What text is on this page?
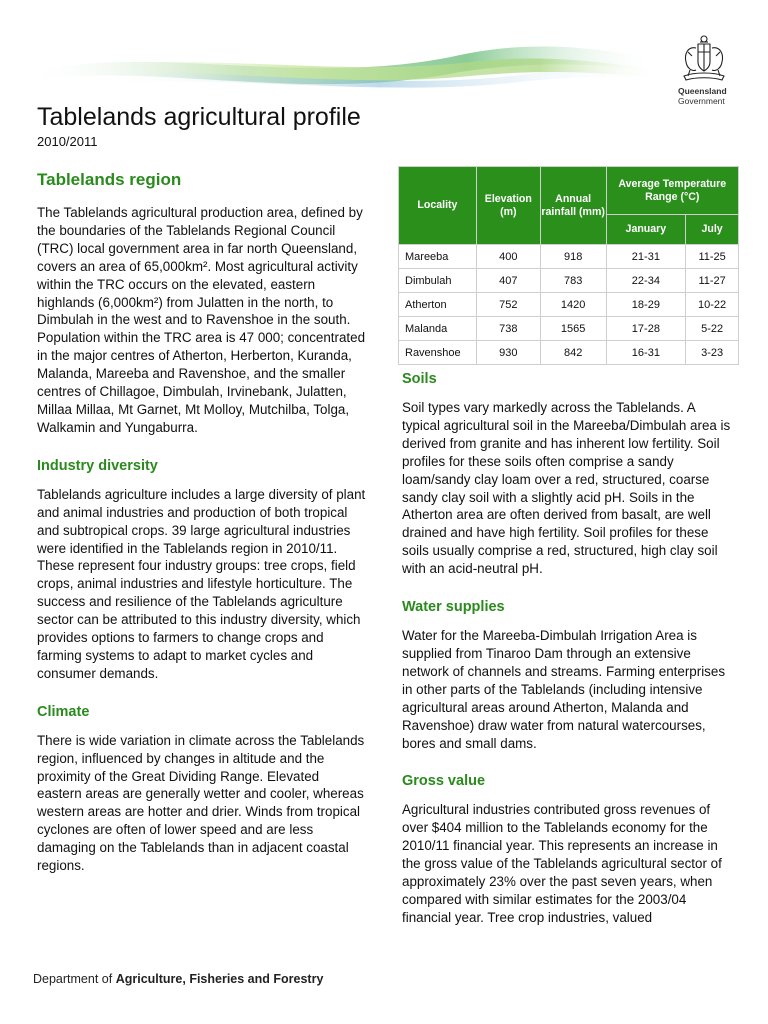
Queensland
Government
Tablelands agricultural profile
2010/2011
Tablelands region

The Tablelands agricultural production area, defined by the boundaries of the Tablelands Regional Council (TRC) local government area in far north Queensland, covers an area of 65,000km². Most agricultural activity within the TRC occurs on the elevated, eastern highlands (6,000km²) from Julatten in the north, to Dimbulah in the west and to Ravenshoe in the south. Population within the TRC area is 47 000; concentrated in the major centres of Atherton, Herberton, Kuranda, Malanda, Mareeba and Ravenshoe, and the smaller centres of Chillagoe, Dimbulah, Irvinebank, Julatten, Millaa Millaa, Mt Garnet, Mt Molloy, Mutchilba, Tolga, Walkamin and Yungaburra.

Industry diversity

Tablelands agriculture includes a large diversity of plant and animal industries and production of both tropical and subtropical crops. 39 large agricultural industries were identified in the Tablelands region in 2010/11. These represent four industry groups: tree crops, field crops, animal industries and lifestyle horticulture. The success and resilience of the Tablelands agriculture sector can be attributed to this industry diversity, which provides options to farmers to change crops and farming systems to adapt to market cycles and consumer demands.

Climate

There is wide variation in climate across the Tablelands region, influenced by changes in altitude and the proximity of the Great Dividing Range. Elevated eastern areas are generally wetter and cooler, whereas western areas are hotter and drier. Winds from tropical cyclones are often of lower speed and are less damaging on the Tablelands than in adjacent coastal regions.

Locality	Elevation (m)	Annual rainfall (mm)	Average Temperature Range (°C)	
			January	July
Mareeba	400	918	21-31	11-25
Dimbulah	407	783	22-34	11-27
Atherton	752	1420	18-29	10-22
Malanda	738	1565	17-28	5-22
Ravenshoe	930	842	16-31	3-23
Soils

Soil types vary markedly across the Tablelands. A typical agricultural soil in the Mareeba/Dimbulah area is derived from granite and has inherent low fertility. Soil profiles for these soils often comprise a sandy loam/sandy clay loam over a red, structured, coarse sandy clay soil with a slightly acid pH. Soils in the Atherton area are often derived from basalt, are well drained and have high fertility. Soil profiles for these soils usually comprise a red, structured, high clay soil with an acid-neutral pH.

Water supplies

Water for the Mareeba-Dimbulah Irrigation Area is supplied from Tinaroo Dam through an extensive network of channels and streams. Farming enterprises in other parts of the Tablelands (including intensive agricultural areas around Atherton, Malanda and Ravenshoe) draw water from natural watercourses, bores and small dams.

Gross value

Agricultural industries contributed gross revenues of over $404 million to the Tablelands economy for the 2010/11 financial year. This represents an increase in the gross value of the Tablelands agricultural sector of approximately 23% over the past seven years, when compared with similar estimates for the 2003/04 financial year. Tree crop industries, valued

Department of Agriculture, Fisheries and Forestry
